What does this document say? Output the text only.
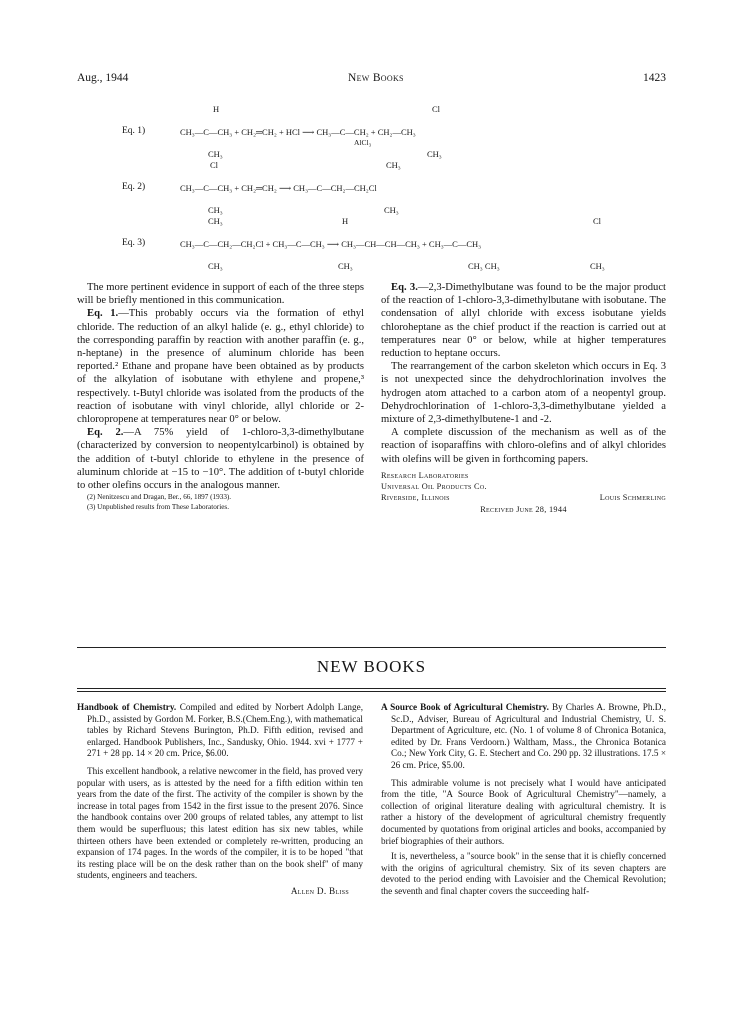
Aug., 1944	New Books	1423
Eq. 1)
H	Cl
CH₃—C—CH₃ + CH₂═CH₂ + HCl ⟶ CH₃—C—CH₂ + CH₂—CH₃
AlCl₃
CH₃	CH₃
Eq. 2)
Cl	CH₃
CH₃—C—CH₃ + CH₂═CH₂ ⟶ CH₃—C—CH₂—CH₂Cl
CH₃	CH₃
Eq. 3)
CH₃	H	Cl
CH₃—C—CH₂—CH₂Cl + CH₃—C—CH₃ ⟶ CH₃—CH—CH—CH₃ + CH₃—C—CH₃
CH₃	CH₃	CH₃ CH₃	CH₃

The more pertinent evidence in support of each of the three steps will be briefly mentioned in this communication.

Eq. 1.—This probably occurs via the formation of ethyl chloride. The reduction of an alkyl halide (e. g., ethyl chloride) to the corresponding paraffin by reaction with another paraffin (e. g., n-heptane) in the presence of aluminum chloride has been reported.² Ethane and propane have been obtained as by products of the alkylation of isobutane with ethylene and propene,³ respectively. t-Butyl chloride was isolated from the products of the reaction of isobutane with vinyl chloride, allyl chloride or 2-chloropropene at temperatures near 0° or below.

Eq. 2.—A 75% yield of 1-chloro-3,3-dimethylbutane (characterized by conversion to neopentylcarbinol) is obtained by the addition of t-butyl chloride to ethylene in the presence of aluminum chloride at −15 to −10°. The addition of t-butyl chloride to other olefins occurs in the analogous manner.

(2) Nenitzescu and Dragan, Ber., 66, 1897 (1933).

(3) Unpublished results from These Laboratories.

Eq. 3.—2,3-Dimethylbutane was found to be the major product of the reaction of 1-chloro-3,3-dimethylbutane with isobutane. The condensation of allyl chloride with excess isobutane yields chloroheptane as the chief product if the reaction is carried out at temperatures near 0° or below, while at higher temperatures reduction to heptane occurs.

The rearrangement of the carbon skeleton which occurs in Eq. 3 is not unexpected since the dehydrochlorination involves the hydrogen atom attached to a carbon atom of a neopentyl group. Dehydrochlorination of 1-chloro-3,3-dimethylbutane yielded a mixture of 2,3-dimethylbutene-1 and -2.

A complete discussion of the mechanism as well as of the reaction of isoparaffins with chloro-olefins and of alkyl chlorides with olefins will be given in forthcoming papers.

Research Laboratories
Universal Oil Products Co.
Riverside, Illinois	Louis Schmerling
Received June 28, 1944
NEW BOOKS

Handbook of Chemistry. Compiled and edited by Norbert Adolph Lange, Ph.D., assisted by Gordon M. Forker, B.S.(Chem.Eng.), with mathematical tables by Richard Stevens Burington, Ph.D. Fifth edition, revised and enlarged. Handbook Publishers, Inc., Sandusky, Ohio. 1944. xvi + 1777 + 271 + 28 pp. 14 × 20 cm. Price, $6.00.

This excellent handbook, a relative newcomer in the field, has proved very popular with users, as is attested by the need for a fifth edition within ten years from the date of the first. The activity of the compiler is shown by the increase in total pages from 1542 in the first issue to the present 2076. Since the handbook contains over 200 groups of related tables, any attempt to list them would be superfluous; this latest edition has six new tables, while thirteen others have been extended or completely re-written, producing an expansion of 174 pages. In the words of the compiler, it is to be hoped "that its resting place will be on the desk rather than on the book shelf" of many students, engineers and teachers.

Allen D. Bliss

A Source Book of Agricultural Chemistry. By Charles A. Browne, Ph.D., Sc.D., Adviser, Bureau of Agricultural and Industrial Chemistry, U. S. Department of Agriculture, etc. (No. 1 of volume 8 of Chronica Botanica, edited by Dr. Frans Verdoorn.) Waltham, Mass., the Chronica Botanica Co.; New York City, G. E. Stechert and Co. 290 pp. 32 illustrations. 17.5 × 26 cm. Price, $5.00.

This admirable volume is not precisely what I would have anticipated from the title, "A Source Book of Agricultural Chemistry"—namely, a collection of original literature dealing with agricultural chemistry. It is rather a history of the development of agricultural chemistry frequently documented by quotations from original articles and books, accompanied by brief biographies of their authors.

It is, nevertheless, a "source book" in the sense that it is chiefly concerned with the origins of agricultural chemistry. Six of its seven chapters are devoted to the period ending with Lavoisier and the Chemical Revolution; the seventh and final chapter covers the succeeding half-
